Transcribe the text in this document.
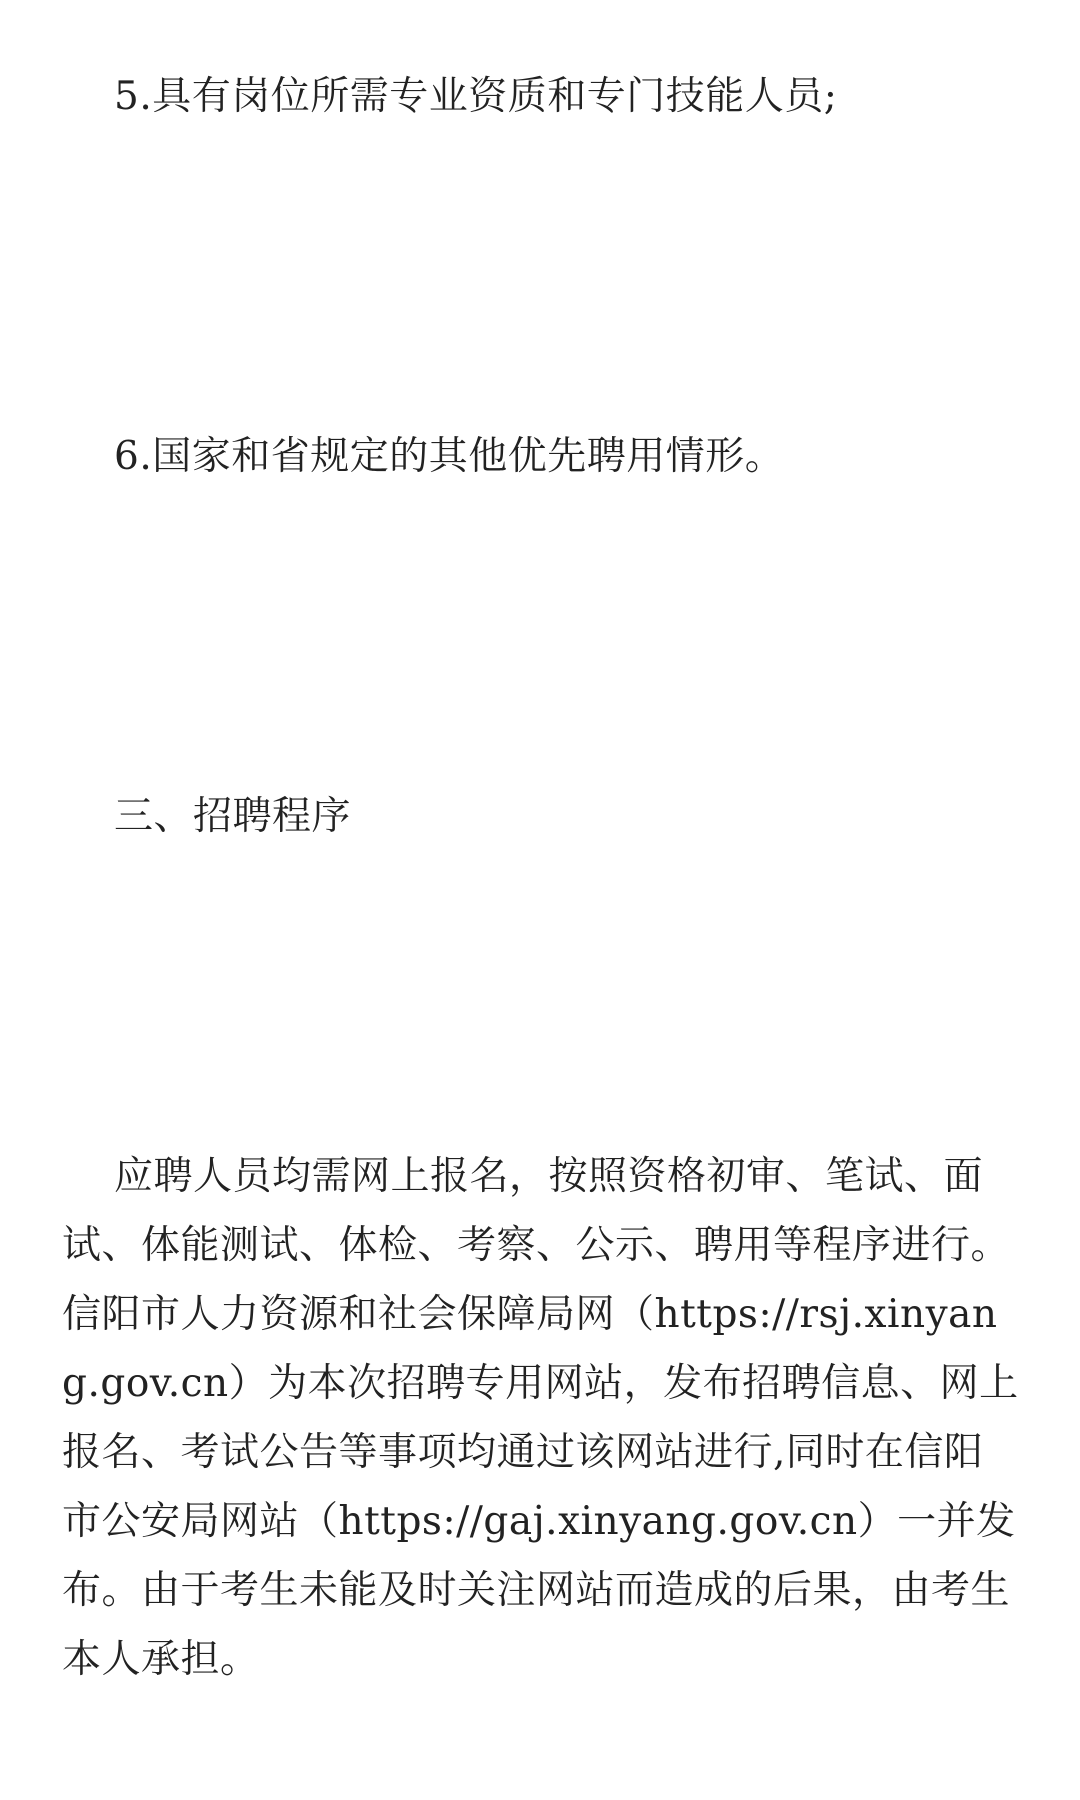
5.具有岗位所需专业资质和专门技能人员;

6.国家和省规定的其他优先聘用情形。

三、招聘程序

应聘人员均需网上报名，按照资格初审、笔试、面试、体能测试、体检、考察、公示、聘用等程序进行。信阳市人力资源和社会保障局网（https://rsj.xinyang.gov.cn）为本次招聘专用网站，发布招聘信息、网上报名、考试公告等事项均通过该网站进行,同时在信阳市公安局网站（https://gaj.xinyang.gov.cn）一并发布。由于考生未能及时关注网站而造成的后果，由考生本人承担。
